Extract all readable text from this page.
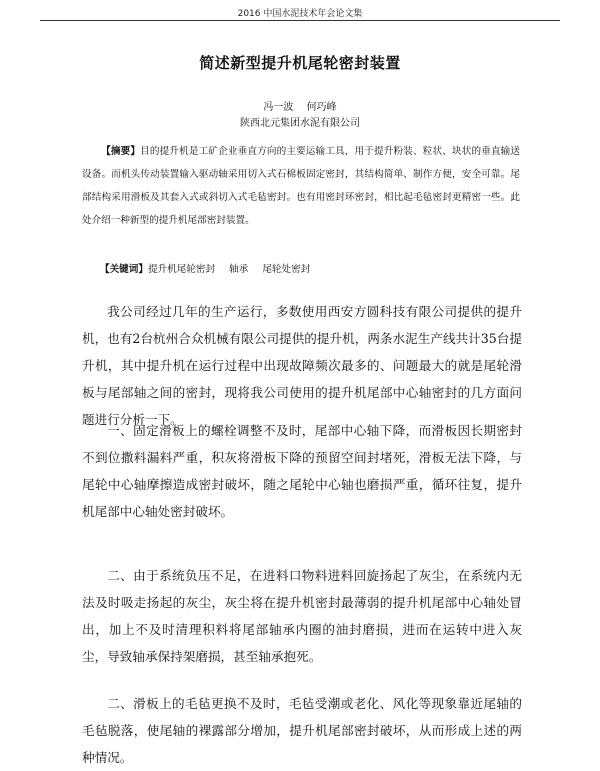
2016 中国水泥技术年会论文集
简述新型提升机尾轮密封装置
冯一波 何巧峰
陕西北元集团水泥有限公司
【摘要】目的提升机是工矿企业垂直方向的主要运输工具，用于提升粉装、粒状、块状的垂直输送设备。而机头传动装置输入驱动轴采用切入式石棉板固定密封，其结构简单、制作方便，安全可靠。尾部结构采用滑板及其套入式或斜切入式毛毡密封。也有用密封环密封，相比起毛毡密封更精密一些。此处介绍一种新型的提升机尾部密封装置。
【关键词】提升机尾轮密封 轴承 尾轮处密封

我公司经过几年的生产运行，多数使用西安方圆科技有限公司提供的提升机，也有2台杭州合众机械有限公司提供的提升机，两条水泥生产线共计35台提升机，其中提升机在运行过程中出现故障频次最多的、问题最大的就是尾轮滑板与尾部轴之间的密封，现将我公司使用的提升机尾部中心轴密封的几方面问题进行分析一下。

一、固定滑板上的螺栓调整不及时，尾部中心轴下降，而滑板因长期密封不到位撒料漏料严重，积灰将滑板下降的预留空间封堵死，滑板无法下降，与尾轮中心轴摩擦造成密封破坏，随之尾轮中心轴也磨损严重，循环往复，提升机尾部中心轴处密封破坏。

二、由于系统负压不足，在进料口物料进料回旋扬起了灰尘，在系统内无法及时吸走扬起的灰尘，灰尘将在提升机密封最薄弱的提升机尾部中心轴处冒出，加上不及时清理积料将尾部轴承内圈的油封磨损，进而在运转中进入灰尘，导致轴承保持架磨损，甚至轴承抱死。

二、滑板上的毛毡更换不及时，毛毡受潮或老化、风化等现象靠近尾轴的毛毡脱落，使尾轴的裸露部分增加，提升机尾部密封破坏，从而形成上述的两种情况。
